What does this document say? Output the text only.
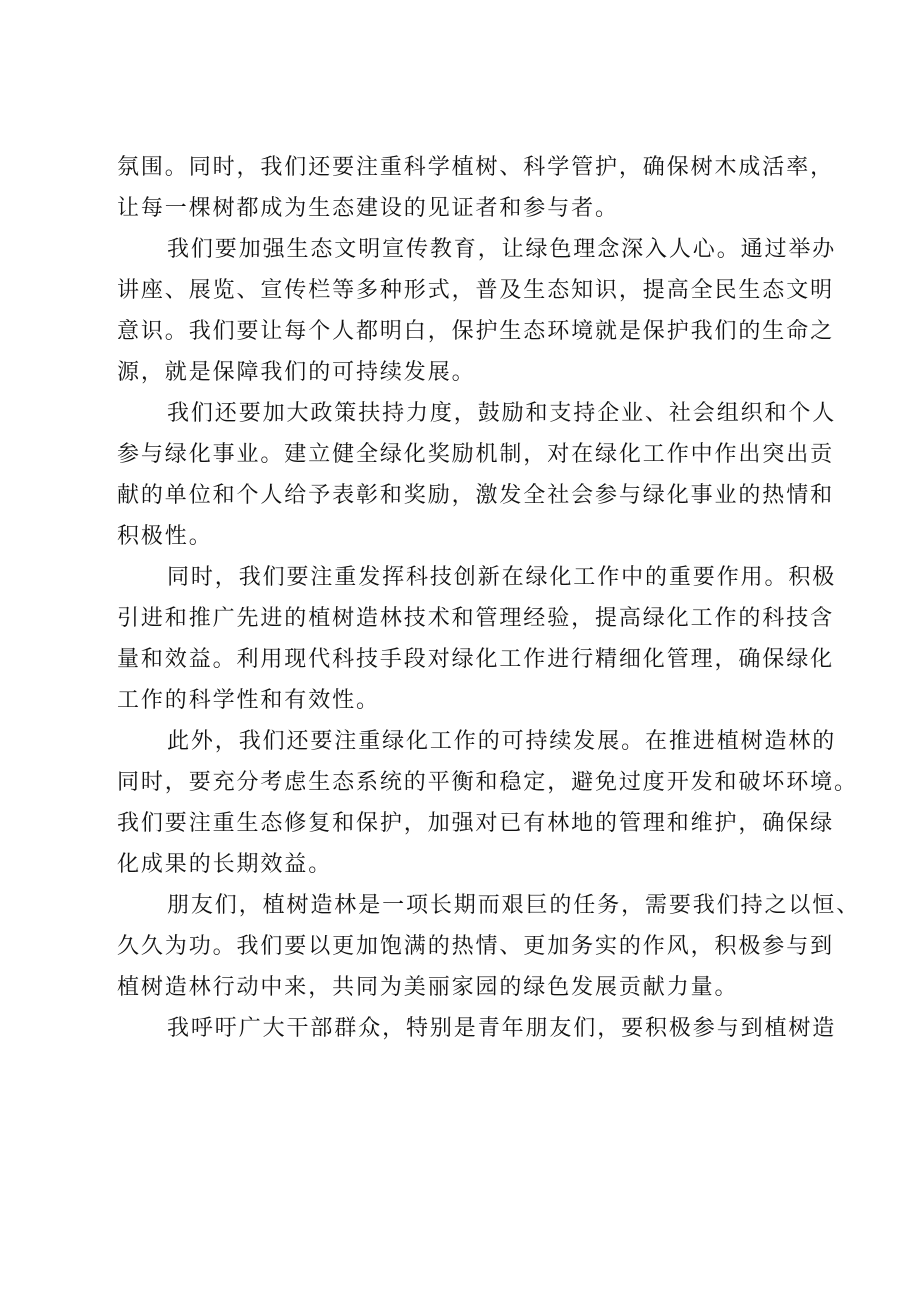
氛围。同时，我们还要注重科学植树、科学管护，确保树木成活率，
让每一棵树都成为生态建设的见证者和参与者。
我们要加强生态文明宣传教育，让绿色理念深入人心。通过举办
讲座、展览、宣传栏等多种形式，普及生态知识，提高全民生态文明
意识。我们要让每个人都明白，保护生态环境就是保护我们的生命之
源，就是保障我们的可持续发展。
我们还要加大政策扶持力度，鼓励和支持企业、社会组织和个人
参与绿化事业。建立健全绿化奖励机制，对在绿化工作中作出突出贡
献的单位和个人给予表彰和奖励，激发全社会参与绿化事业的热情和
积极性。
同时，我们要注重发挥科技创新在绿化工作中的重要作用。积极
引进和推广先进的植树造林技术和管理经验，提高绿化工作的科技含
量和效益。利用现代科技手段对绿化工作进行精细化管理，确保绿化
工作的科学性和有效性。
此外，我们还要注重绿化工作的可持续发展。在推进植树造林的
同时，要充分考虑生态系统的平衡和稳定，避免过度开发和破坏环境。
我们要注重生态修复和保护，加强对已有林地的管理和维护，确保绿
化成果的长期效益。
朋友们，植树造林是一项长期而艰巨的任务，需要我们持之以恒、
久久为功。我们要以更加饱满的热情、更加务实的作风，积极参与到
植树造林行动中来，共同为美丽家园的绿色发展贡献力量。
我呼吁广大干部群众，特别是青年朋友们，要积极参与到植树造
